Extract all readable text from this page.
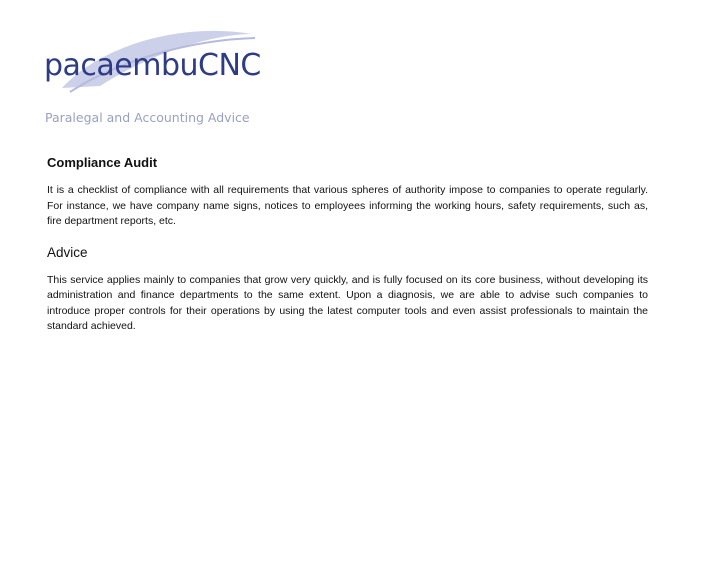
pacaembuCNC
Paralegal and Accounting Advice
Compliance Audit

It is a checklist of compliance with all requirements that various spheres of authority impose to companies to operate regularly. For instance, we have company name signs, notices to employees informing the working hours, safety requirements, such as, fire department reports, etc.

Advice

This service applies mainly to companies that grow very quickly, and is fully focused on its core business, without developing its administration and finance departments to the same extent. Upon a diagnosis, we are able to advise such companies to introduce proper controls for their operations by using the latest computer tools and even assist professionals to maintain the standard achieved.
